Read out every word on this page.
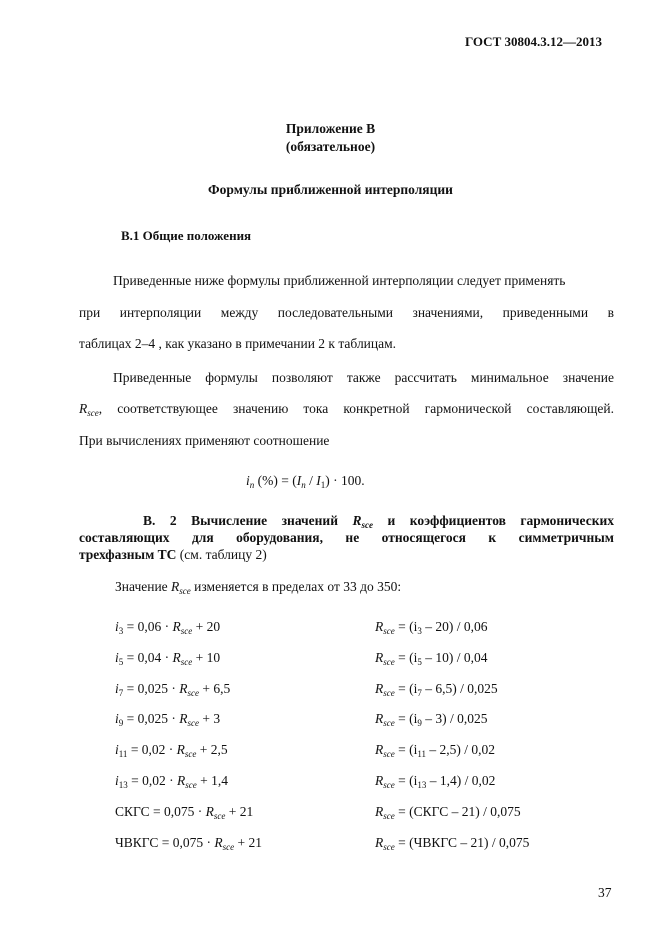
ГОСТ 30804.3.12—2013
Приложение В
(обязательное)
Формулы приближенной интерполяции
В.1 Общие положения
Приведенные ниже формулы приближенной интерполяции следует применять
при интерполяции между последовательными значениями, приведенными в
таблицах 2–4 , как указано в примечании 2 к таблицам.
Приведенные формулы позволяют также рассчитать минимальное значение
$R_{sce}$, соответствующее значению тока конкретной гармонической составляющей.
При вычислениях применяют соотношение
$i_n$ (%) = $(I_n / I_1) \cdot 100$.
В. 2 Вычисление значений $R_{sce}$ и коэффициентов гармонических
составляющих для оборудования, не относящегося к симметричным
трехфазным ТС (см. таблицу 2)
Значение $R_{sce}$ изменяется в пределах от 33 до 350:
$i_3 = 0,06 \cdot R_{sce} + 20$	$R_{sce} = (i_3 - 20) / 0,06$
$i_5 = 0,04 \cdot R_{sce} + 10$	$R_{sce} = (i_5 - 10) / 0,04$
$i_7 = 0,025 \cdot R_{sce} + 6,5$	$R_{sce} = (i_7 - 6,5) / 0,025$
$i_9 = 0,025 \cdot R_{sce} + 3$	$R_{sce} = (i_9 - 3) / 0,025$
$i_{11} = 0,02 \cdot R_{sce} + 2,5$	$R_{sce} = (i_{11} - 2,5) / 0,02$
$i_{13} = 0,02 \cdot R_{sce} + 1,4$	$R_{sce} = (i_{13} - 1,4) / 0,02$
СКГС = $0,075 \cdot R_{sce} + 21$	$R_{sce}$ = (СКГС – 21) / 0,075
ЧВКГС = $0,075 \cdot R_{sce} + 21$	$R_{sce}$ = (ЧВКГС – 21) / 0,075
37
